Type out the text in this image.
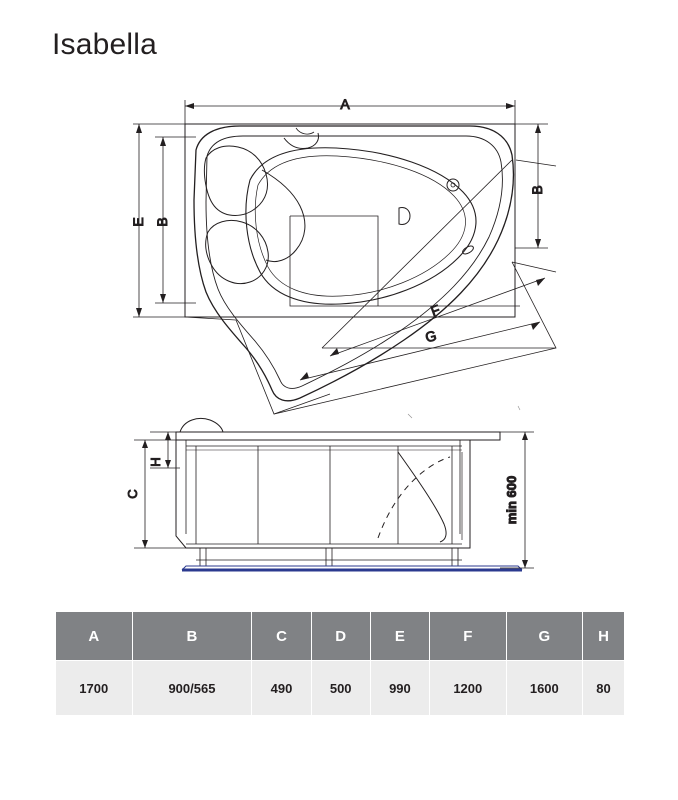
Isabella
A
B
B
E
F
G
H
C	min 600
A	B	C	D	E	F	G	H
1700	900/565	490	500	990	1200	1600	80
